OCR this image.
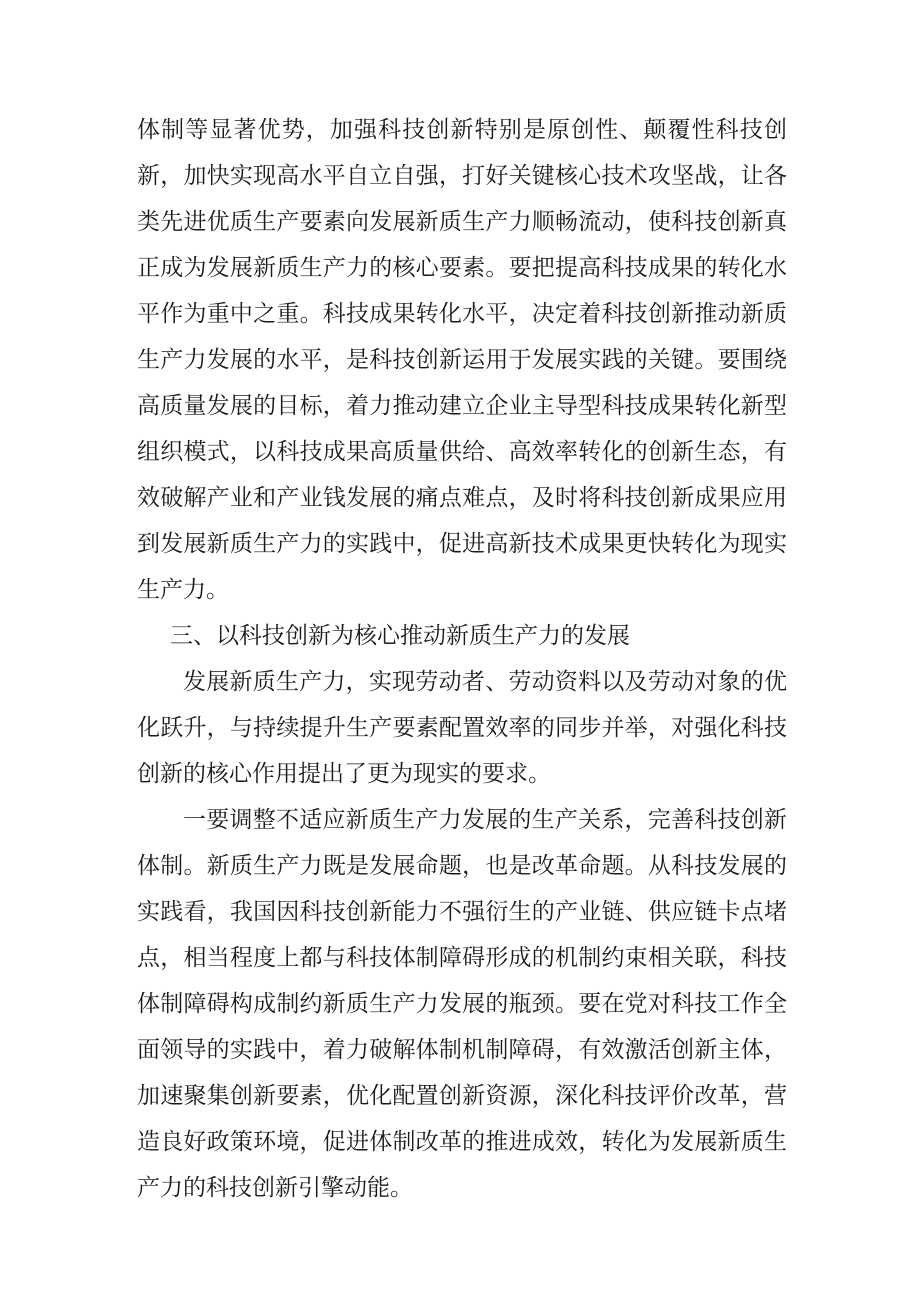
体制等显著优势，加强科技创新特别是原创性、颠覆性科技创新，加快实现高水平自立自强，打好关键核心技术攻坚战，让各类先进优质生产要素向发展新质生产力顺畅流动，使科技创新真正成为发展新质生产力的核心要素。要把提高科技成果的转化水平作为重中之重。科技成果转化水平，决定着科技创新推动新质生产力发展的水平，是科技创新运用于发展实践的关键。要围绕高质量发展的目标，着力推动建立企业主导型科技成果转化新型组织模式，以科技成果高质量供给、高效率转化的创新生态，有效破解产业和产业钱发展的痛点难点，及时将科技创新成果应用到发展新质生产力的实践中，促进高新技术成果更快转化为现实生产力。

三、以科技创新为核心推动新质生产力的发展

发展新质生产力，实现劳动者、劳动资料以及劳动对象的优化跃升，与持续提升生产要素配置效率的同步并举，对强化科技创新的核心作用提出了更为现实的要求。

一要调整不适应新质生产力发展的生产关系，完善科技创新体制。新质生产力既是发展命题，也是改革命题。从科技发展的实践看，我国因科技创新能力不强衍生的产业链、供应链卡点堵点，相当程度上都与科技体制障碍形成的机制约束相关联，科技体制障碍构成制约新质生产力发展的瓶颈。要在党对科技工作全面领导的实践中，着力破解体制机制障碍，有效激活创新主体，加速聚集创新要素，优化配置创新资源，深化科技评价改革，营造良好政策环境，促进体制改革的推进成效，转化为发展新质生产力的科技创新引擎动能。
